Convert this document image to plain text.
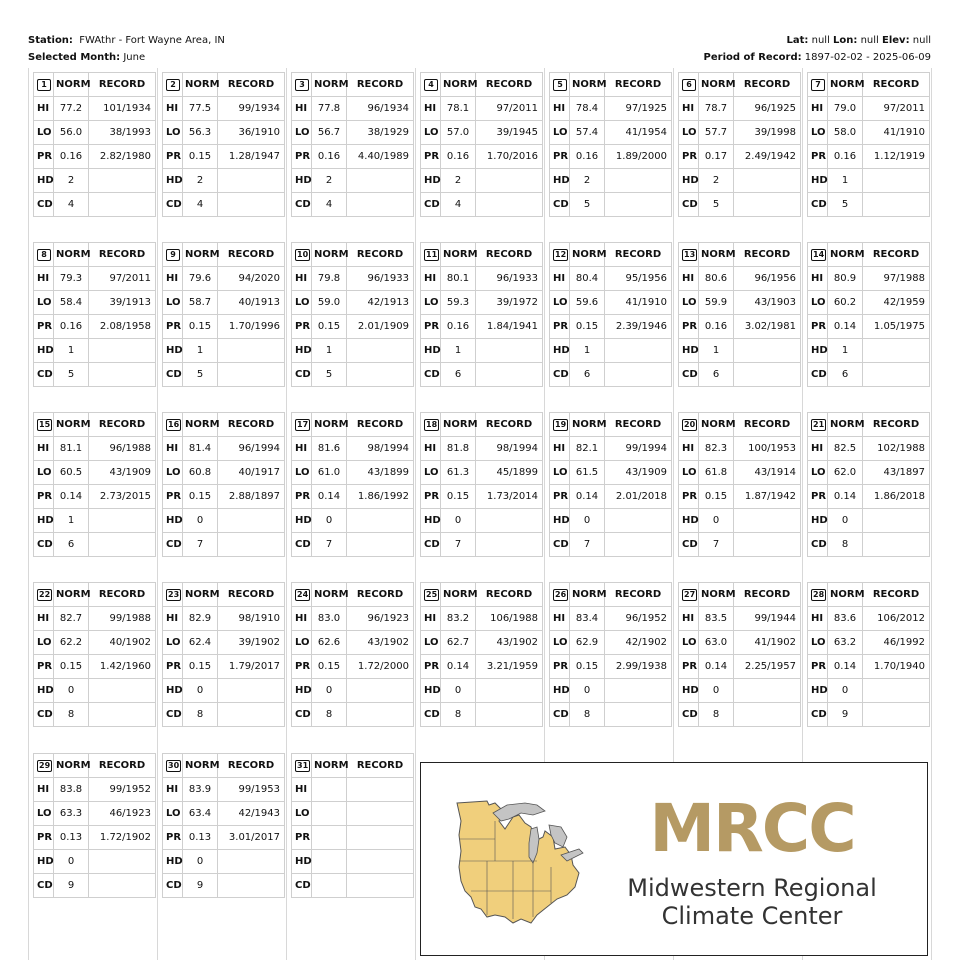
Station: FWAthr - Fort Wayne Area, IN
Selected Month: June
Lat: null Lon: null Elev: null
Period of Record: 1897-02-02 - 2025-06-09
1	NORM	RECORD
HI	77.2	101/1934
LO	56.0	38/1993
PR	0.16	2.82/1980
HD	2	
CD	4	
2	NORM	RECORD
HI	77.5	99/1934
LO	56.3	36/1910
PR	0.15	1.28/1947
HD	2	
CD	4	
3	NORM	RECORD
HI	77.8	96/1934
LO	56.7	38/1929
PR	0.16	4.40/1989
HD	2	
CD	4	
4	NORM	RECORD
HI	78.1	97/2011
LO	57.0	39/1945
PR	0.16	1.70/2016
HD	2	
CD	4	
5	NORM	RECORD
HI	78.4	97/1925
LO	57.4	41/1954
PR	0.16	1.89/2000
HD	2	
CD	5	
6	NORM	RECORD
HI	78.7	96/1925
LO	57.7	39/1998
PR	0.17	2.49/1942
HD	2	
CD	5	
7	NORM	RECORD
HI	79.0	97/2011
LO	58.0	41/1910
PR	0.16	1.12/1919
HD	1	
CD	5	
8	NORM	RECORD
HI	79.3	97/2011
LO	58.4	39/1913
PR	0.16	2.08/1958
HD	1	
CD	5	
9	NORM	RECORD
HI	79.6	94/2020
LO	58.7	40/1913
PR	0.15	1.70/1996
HD	1	
CD	5	
10	NORM	RECORD
HI	79.8	96/1933
LO	59.0	42/1913
PR	0.15	2.01/1909
HD	1	
CD	5	
11	NORM	RECORD
HI	80.1	96/1933
LO	59.3	39/1972
PR	0.16	1.84/1941
HD	1	
CD	6	
12	NORM	RECORD
HI	80.4	95/1956
LO	59.6	41/1910
PR	0.15	2.39/1946
HD	1	
CD	6	
13	NORM	RECORD
HI	80.6	96/1956
LO	59.9	43/1903
PR	0.16	3.02/1981
HD	1	
CD	6	
14	NORM	RECORD
HI	80.9	97/1988
LO	60.2	42/1959
PR	0.14	1.05/1975
HD	1	
CD	6	
15	NORM	RECORD
HI	81.1	96/1988
LO	60.5	43/1909
PR	0.14	2.73/2015
HD	1	
CD	6	
16	NORM	RECORD
HI	81.4	96/1994
LO	60.8	40/1917
PR	0.15	2.88/1897
HD	0	
CD	7	
17	NORM	RECORD
HI	81.6	98/1994
LO	61.0	43/1899
PR	0.14	1.86/1992
HD	0	
CD	7	
18	NORM	RECORD
HI	81.8	98/1994
LO	61.3	45/1899
PR	0.15	1.73/2014
HD	0	
CD	7	
19	NORM	RECORD
HI	82.1	99/1994
LO	61.5	43/1909
PR	0.14	2.01/2018
HD	0	
CD	7	
20	NORM	RECORD
HI	82.3	100/1953
LO	61.8	43/1914
PR	0.15	1.87/1942
HD	0	
CD	7	
21	NORM	RECORD
HI	82.5	102/1988
LO	62.0	43/1897
PR	0.14	1.86/2018
HD	0	
CD	8	
22	NORM	RECORD
HI	82.7	99/1988
LO	62.2	40/1902
PR	0.15	1.42/1960
HD	0	
CD	8	
23	NORM	RECORD
HI	82.9	98/1910
LO	62.4	39/1902
PR	0.15	1.79/2017
HD	0	
CD	8	
24	NORM	RECORD
HI	83.0	96/1923
LO	62.6	43/1902
PR	0.15	1.72/2000
HD	0	
CD	8	
25	NORM	RECORD
HI	83.2	106/1988
LO	62.7	43/1902
PR	0.14	3.21/1959
HD	0	
CD	8	
26	NORM	RECORD
HI	83.4	96/1952
LO	62.9	42/1902
PR	0.15	2.99/1938
HD	0	
CD	8	
27	NORM	RECORD
HI	83.5	99/1944
LO	63.0	41/1902
PR	0.14	2.25/1957
HD	0	
CD	8	
28	NORM	RECORD
HI	83.6	106/2012
LO	63.2	46/1992
PR	0.14	1.70/1940
HD	0	
CD	9	
29	NORM	RECORD
HI	83.8	99/1952
LO	63.3	46/1923
PR	0.13	1.72/1902
HD	0	
CD	9	
30	NORM	RECORD
HI	83.9	99/1953
LO	63.4	42/1943
PR	0.13	3.01/2017
HD	0	
CD	9	
31	NORM	RECORD
HI		
LO		
PR		
HD		
CD		
MRCC
Midwestern Regional
Climate Center
